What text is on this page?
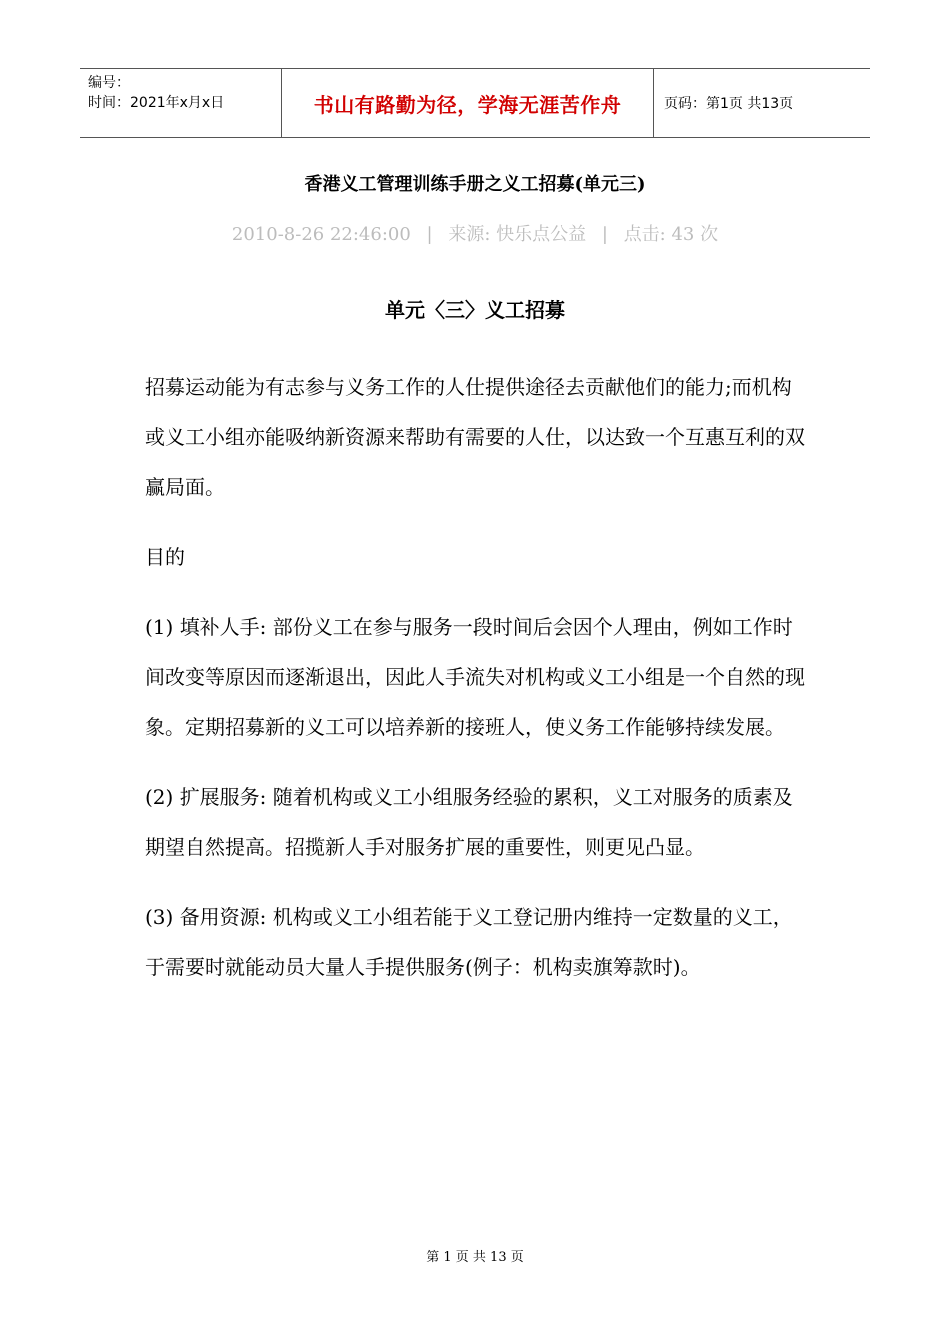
编号：
时间：2021年x月x日	书山有路勤为径，学海无涯苦作舟	页码：第1页 共13页
香港义工管理训练手册之义工招募(单元三)
2010-8-26 22:46:00 | 来源: 快乐点公益 | 点击: 43 次
单元〈三〉义工招募

招募运动能为有志参与义务工作的人仕提供途径去贡献他们的能力;而机构或义工小组亦能吸纳新资源来帮助有需要的人仕，以达致一个互惠互利的双赢局面。

目的

(1) 填补人手: 部份义工在参与服务一段时间后会因个人理由，例如工作时间改变等原因而逐渐退出，因此人手流失对机构或义工小组是一个自然的现象。定期招募新的义工可以培养新的接班人，使义务工作能够持续发展。

(2) 扩展服务: 随着机构或义工小组服务经验的累积，义工对服务的质素及期望自然提高。招揽新人手对服务扩展的重要性，则更见凸显。

(3) 备用资源: 机构或义工小组若能于义工登记册内维持一定数量的义工，于需要时就能动员大量人手提供服务(例子：机构卖旗筹款时)。

第 1 页 共 13 页
